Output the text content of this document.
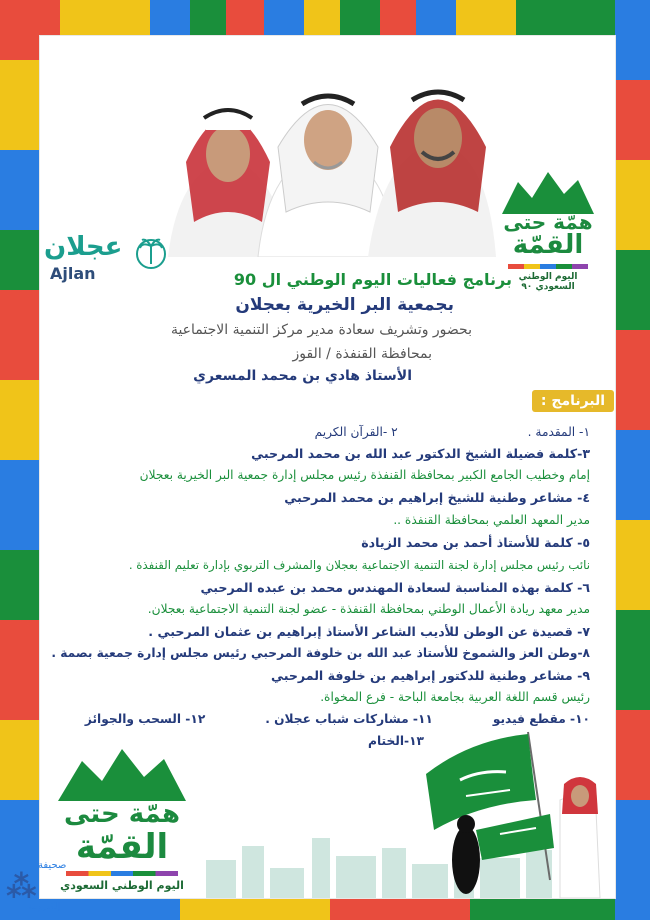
عجلان
Ajlan
همّة حتى
القمّة
اليوم الوطني السعودي ٩٠
برنامج فعاليات اليوم الوطني ال 90
بجمعية البر الخيرية بعجلان
بحضور وتشريف سعادة مدير مركز التنمية الاجتماعية
بمحافظة القنفذة / القوز
الأستاذ هادي بن محمد المسعري
البرنامج :
١- المقدمة .
٢ -القرآن الكريم
٣-كلمة فضيلة الشيخ الدكتور عبد الله بن محمد المرحبي
إمام وخطيب الجامع الكبير بمحافظة القنفذة رئيس مجلس إدارة جمعية البر الخيرية بعجلان
٤- مشاعر وطنية للشيخ إبراهيم بن محمد المرحبي
مدير المعهد العلمي بمحافظة القنفذة ..
٥- كلمة للأستاذ أحمد بن محمد الزيادة
نائب رئيس مجلس إدارة لجنة التنمية الاجتماعية بعجلان والمشرف التربوي بإدارة تعليم القنفذة .
٦- كلمة بهذه المناسبة لسعادة المهندس محمد بن عبده المرحبي
مدير معهد ريادة الأعمال الوطني بمحافظة القنفذة - عضو لجنة التنمية الاجتماعية بعجلان.
٧- قصيدة عن الوطن للأديب الشاعر الأستاذ إبراهيم بن عثمان المرحبي .
٨-وطن العز والشموخ للأستاذ عبد الله بن خلوفة المرحبي رئيس مجلس إدارة جمعية بصمة .
٩- مشاعر وطنية للدكتور إبراهيم بن خلوفة المرحبي
رئيس قسم اللغة العربية بجامعة الباحة - فرع المخواة.
١٠- مقطع فيديو
١١- مشاركات شباب عجلان .
١٢- السحب والجوائز
١٣-الختام
همّة حتى
القمّة
اليوم الوطني السعودي
صحيفة
⁂
إلكترونية
